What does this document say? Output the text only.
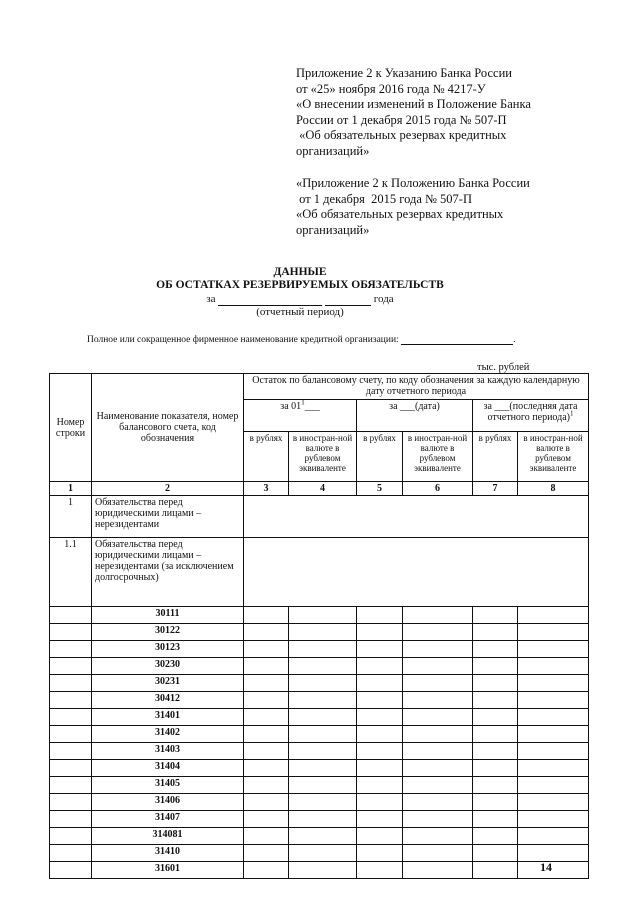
Приложение 2 к Указанию Банка России
от «25» ноября 2016 года № 4217-У
«О внесении изменений в Положение Банка
России от 1 декабря 2015 года № 507-П
«Об обязательных резервах кредитных
организаций»
«Приложение 2 к Положению Банка России
от 1 декабря  2015 года № 507-П
«Об обязательных резервах кредитных
организаций»
ДАННЫЕ
ОБ ОСТАТКАХ РЕЗЕРВИРУЕМЫХ ОБЯЗАТЕЛЬСТВ
за	года
(отчетный период)
Полное или сокращенное фирменное наименование кредитной организации:	.
тыс. рублей
Номер строки	Наименование показателя, номер балансового счета, код обозначения	Остаток по балансовому счету, по коду обозначения за каждую календарную дату отчетного периода					
		за $01^1\_\_\_$		за ___(дата)		за ___(последняя дата отчетного периода)$^1$
		в рублях	в иностран-ной валюте в рублевом эквиваленте	в рублях	в иностран-ной валюте в рублевом эквиваленте	в рублях	в иностран-ной валюте в рублевом эквиваленте
1	2	3	4	5	6	7	8
1	Обязательства перед юридическими лицами – нерезидентами						
1.1	Обязательства перед юридическими лицами – нерезидентами (за исключением долгосрочных)						
	30111						
	30122						
	30123						
	30230						
	30231						
	30412						
	31401						
	31402						
	31403						
	31404						
	31405						
	31406						
	31407						
	314081						
	31410						
	31601							14
